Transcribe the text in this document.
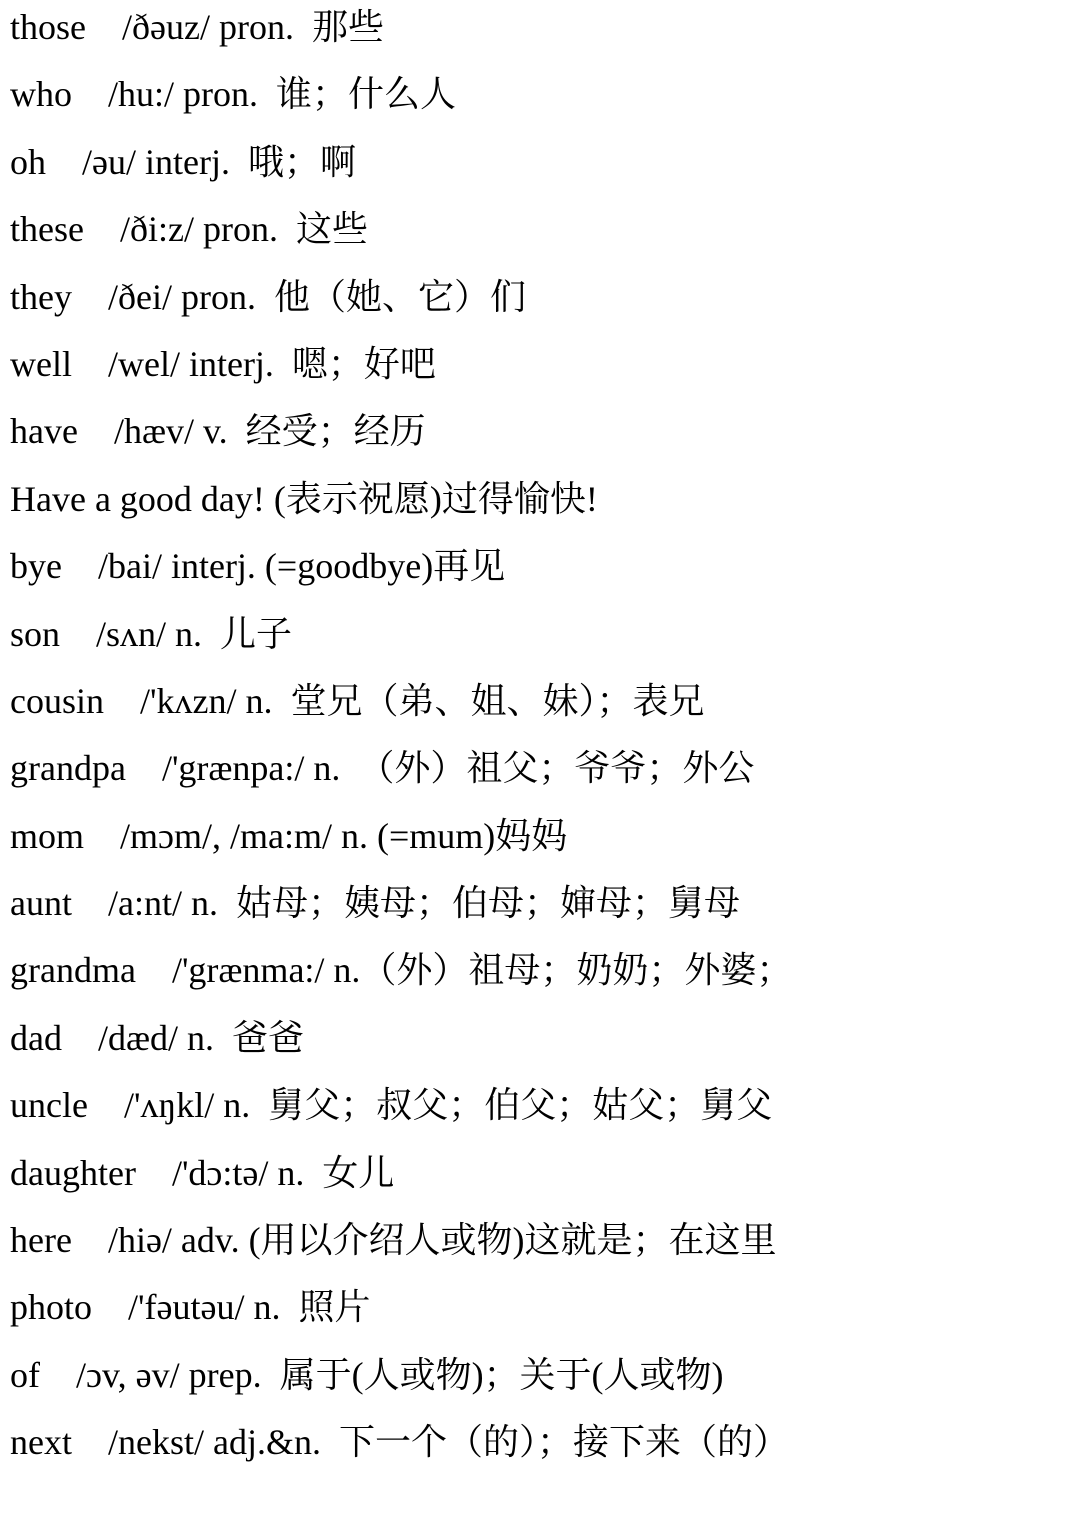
those    /ðəuz/ pron.  那些
who    /hu:/ pron.  谁；什么人
oh    /əu/ interj.  哦；啊
these    /ði:z/ pron.  这些
they    /ðei/ pron.  他（她、它）们
well    /wel/ interj.  嗯；好吧
have    /hæv/ v.  经受；经历
Have a good day! (表示祝愿)过得愉快!
bye    /bai/ interj. (=goodbye)再见
son    /sʌn/ n.  儿子
cousin    /'kʌzn/ n.  堂兄（弟、姐、妹）；表兄
grandpa    /'grænpa:/ n.  （外）祖父；爷爷；外公
mom    /mɔm/, /ma:m/ n. (=mum)妈妈
aunt    /a:nt/ n.  姑母；姨母；伯母；婶母；舅母
grandma    /'grænma:/ n.（外）祖母；奶奶；外婆；
dad    /dæd/ n.  爸爸
uncle    /'ʌŋkl/ n.  舅父；叔父；伯父；姑父；舅父
daughter    /'dɔ:tə/ n.  女儿
here    /hiə/ adv. (用以介绍人或物)这就是；在这里
photo    /'fəutəu/ n.  照片
of    /ɔv, əv/ prep.  属于(人或物)；关于(人或物)
next    /nekst/ adj.&n.  下一个（的）；接下来（的）
